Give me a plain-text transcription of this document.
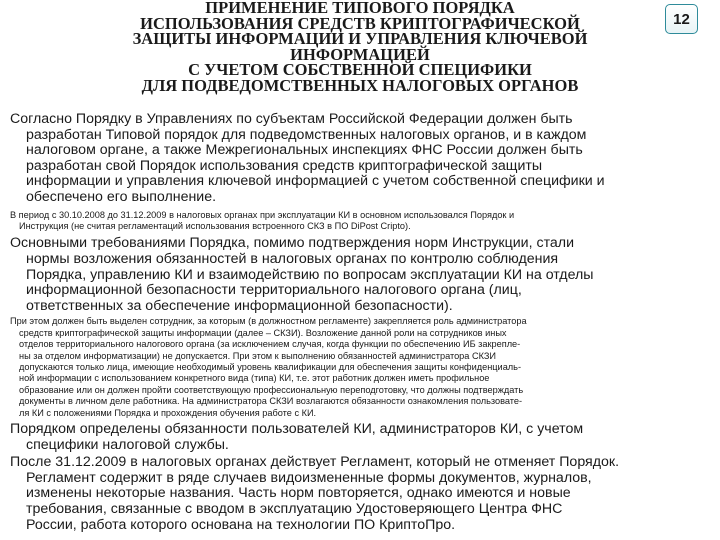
ПРИМЕНЕНИЕ ТИПОВОГО ПОРЯДКА
ИСПОЛЬЗОВАНИЯ СРЕДСТВ КРИПТОГРАФИЧЕСКОЙ
ЗАЩИТЫ ИНФОРМАЦИИ И УПРАВЛЕНИЯ КЛЮЧЕВОЙ
ИНФОРМАЦИЕЙ
С УЧЕТОМ СОБСТВЕННОЙ СПЕЦИФИКИ
ДЛЯ ПОДВЕДОМСТВЕННЫХ НАЛОГОВЫХ ОРГАНОВ
12
Согласно Порядку в Управлениях по субъектам Российской Федерации должен быть
разработан Типовой порядок для подведомственных налоговых органов, и в каждом
налоговом органе, а также Межрегиональных инспекциях ФНС России должен быть
разработан свой Порядок использования средств криптографической защиты
информации и управления ключевой информацией с учетом собственной специфики и
обеспечено его выполнение.
В период с 30.10.2008 до 31.12.2009 в налоговых органах при эксплуатации КИ в основном использовался Порядок и
Инструкция (не считая регламентаций использования встроенного СКЗ в ПО DiPost Cripto).
Основными требованиями Порядка, помимо подтверждения норм Инструкции, стали
нормы возложения обязанностей в налоговых органах по контролю соблюдения
Порядка, управлению КИ и взаимодействию по вопросам эксплуатации КИ на отделы
информационной безопасности территориального налогового органа (лиц,
ответственных за обеспечение информационной безопасности).
При этом должен быть выделен сотрудник, за которым (в должностном регламенте) закрепляется роль администратора
средств криптографической защиты информации (далее – СКЗИ). Возложение данной роли на сотрудников иных
отделов территориального налогового органа (за исключением случая, когда функции по обеспечению ИБ закрепле-
ны за отделом информатизации) не допускается. При этом к выполнению обязанностей администратора СКЗИ
допускаются только лица, имеющие необходимый уровень квалификации для обеспечения защиты конфиденциаль-
ной информации с использованием конкретного вида (типа) КИ, т.е. этот работник должен иметь профильное
образование или он должен пройти соответствующую профессиональную переподготовку, что должны подтверждать
документы в личном деле работника. На администратора СКЗИ возлагаются обязанности ознакомления пользовате-
ля КИ с положениями Порядка и прохождения обучения работе с КИ.
Порядком определены обязанности пользователей КИ, администраторов КИ, с учетом
специфики налоговой службы.
После 31.12.2009 в налоговых органах действует Регламент, который не отменяет Порядок.
Регламент содержит в ряде случаев видоизмененные формы документов, журналов,
изменены некоторые названия. Часть норм повторяется, однако имеются и новые
требования, связанные с вводом в эксплуатацию Удостоверяющего Центра ФНС
России, работа которого основана на технологии ПО КриптоПро.
